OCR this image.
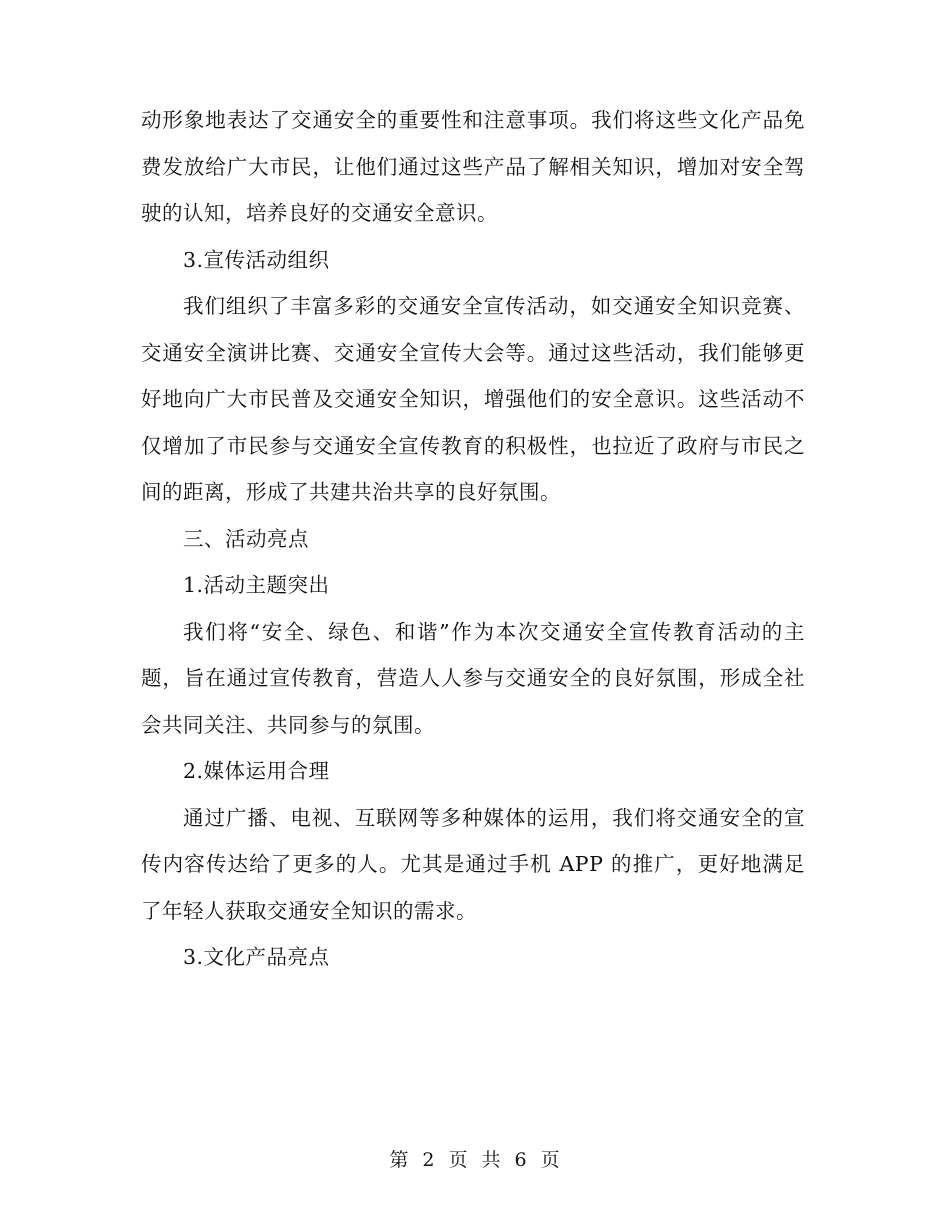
动形象地表达了交通安全的重要性和注意事项。我们将这些文化产品免费发放给广大市民，让他们通过这些产品了解相关知识，增加对安全驾驶的认知，培养良好的交通安全意识。

3.宣传活动组织

我们组织了丰富多彩的交通安全宣传活动，如交通安全知识竞赛、交通安全演讲比赛、交通安全宣传大会等。通过这些活动，我们能够更好地向广大市民普及交通安全知识，增强他们的安全意识。这些活动不仅增加了市民参与交通安全宣传教育的积极性，也拉近了政府与市民之间的距离，形成了共建共治共享的良好氛围。

三、活动亮点

1.活动主题突出

我们将“安全、绿色、和谐”作为本次交通安全宣传教育活动的主题，旨在通过宣传教育，营造人人参与交通安全的良好氛围，形成全社会共同关注、共同参与的氛围。

2.媒体运用合理

通过广播、电视、互联网等多种媒体的运用，我们将交通安全的宣传内容传达给了更多的人。尤其是通过手机 APP 的推广，更好地满足了年轻人获取交通安全知识的需求。

3.文化产品亮点

第 2 页 共 6 页
